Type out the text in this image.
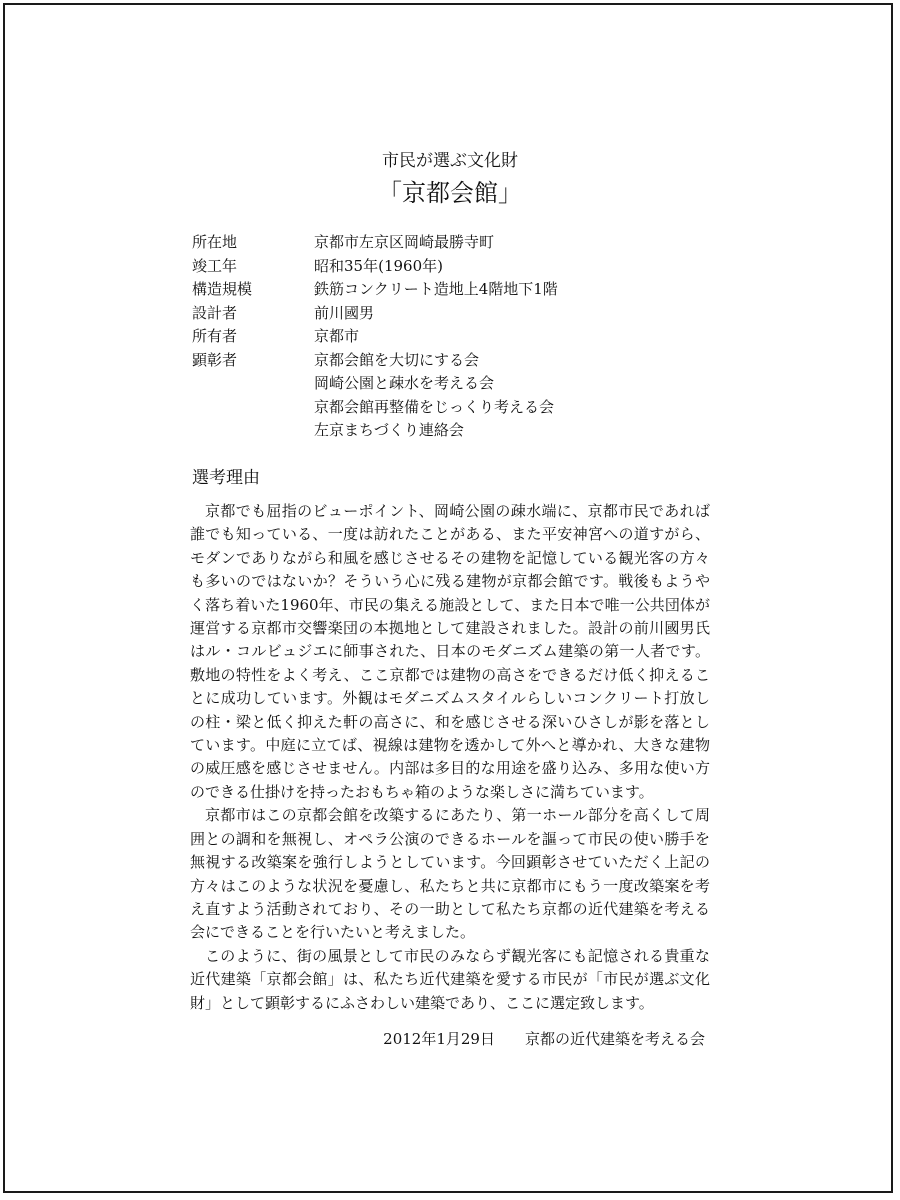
市民が選ぶ文化財
「京都会館」
所在地	京都市左京区岡崎最勝寺町
竣工年	昭和35年(1960年)
構造規模	鉄筋コンクリート造地上4階地下1階
設計者	前川國男
所有者	京都市
顕彰者	京都会館を大切にする会
	岡崎公園と疎水を考える会
	京都会館再整備をじっくり考える会
	左京まちづくり連絡会
選考理由

京都でも屈指のビューポイント、岡崎公園の疎水端に、京都市民であれば誰でも知っている、一度は訪れたことがある、また平安神宮への道すがら、モダンでありながら和風を感じさせるその建物を記憶している観光客の方々も多いのではないか？そういう心に残る建物が京都会館です。戦後もようやく落ち着いた1960年、市民の集える施設として、また日本で唯一公共団体が運営する京都市交響楽団の本拠地として建設されました。設計の前川國男氏はル・コルビュジエに師事された、日本のモダニズム建築の第一人者です。敷地の特性をよく考え、ここ京都では建物の高さをできるだけ低く抑えることに成功しています。外観はモダニズムスタイルらしいコンクリート打放しの柱・梁と低く抑えた軒の高さに、和を感じさせる深いひさしが影を落としています。中庭に立てば、視線は建物を透かして外へと導かれ、大きな建物の威圧感を感じさせません。内部は多目的な用途を盛り込み、多用な使い方のできる仕掛けを持ったおもちゃ箱のような楽しさに満ちています。

京都市はこの京都会館を改築するにあたり、第一ホール部分を高くして周囲との調和を無視し、オペラ公演のできるホールを謳って市民の使い勝手を無視する改築案を強行しようとしています。今回顕彰させていただく上記の方々はこのような状況を憂慮し、私たちと共に京都市にもう一度改築案を考え直すよう活動されており、その一助として私たち京都の近代建築を考える会にできることを行いたいと考えました。

このように、街の風景として市民のみならず観光客にも記憶される貴重な近代建築「京都会館」は、私たち近代建築を愛する市民が「市民が選ぶ文化財」として顕彰するにふさわしい建築であり、ここに選定致します。

2012年1月29日 京都の近代建築を考える会
